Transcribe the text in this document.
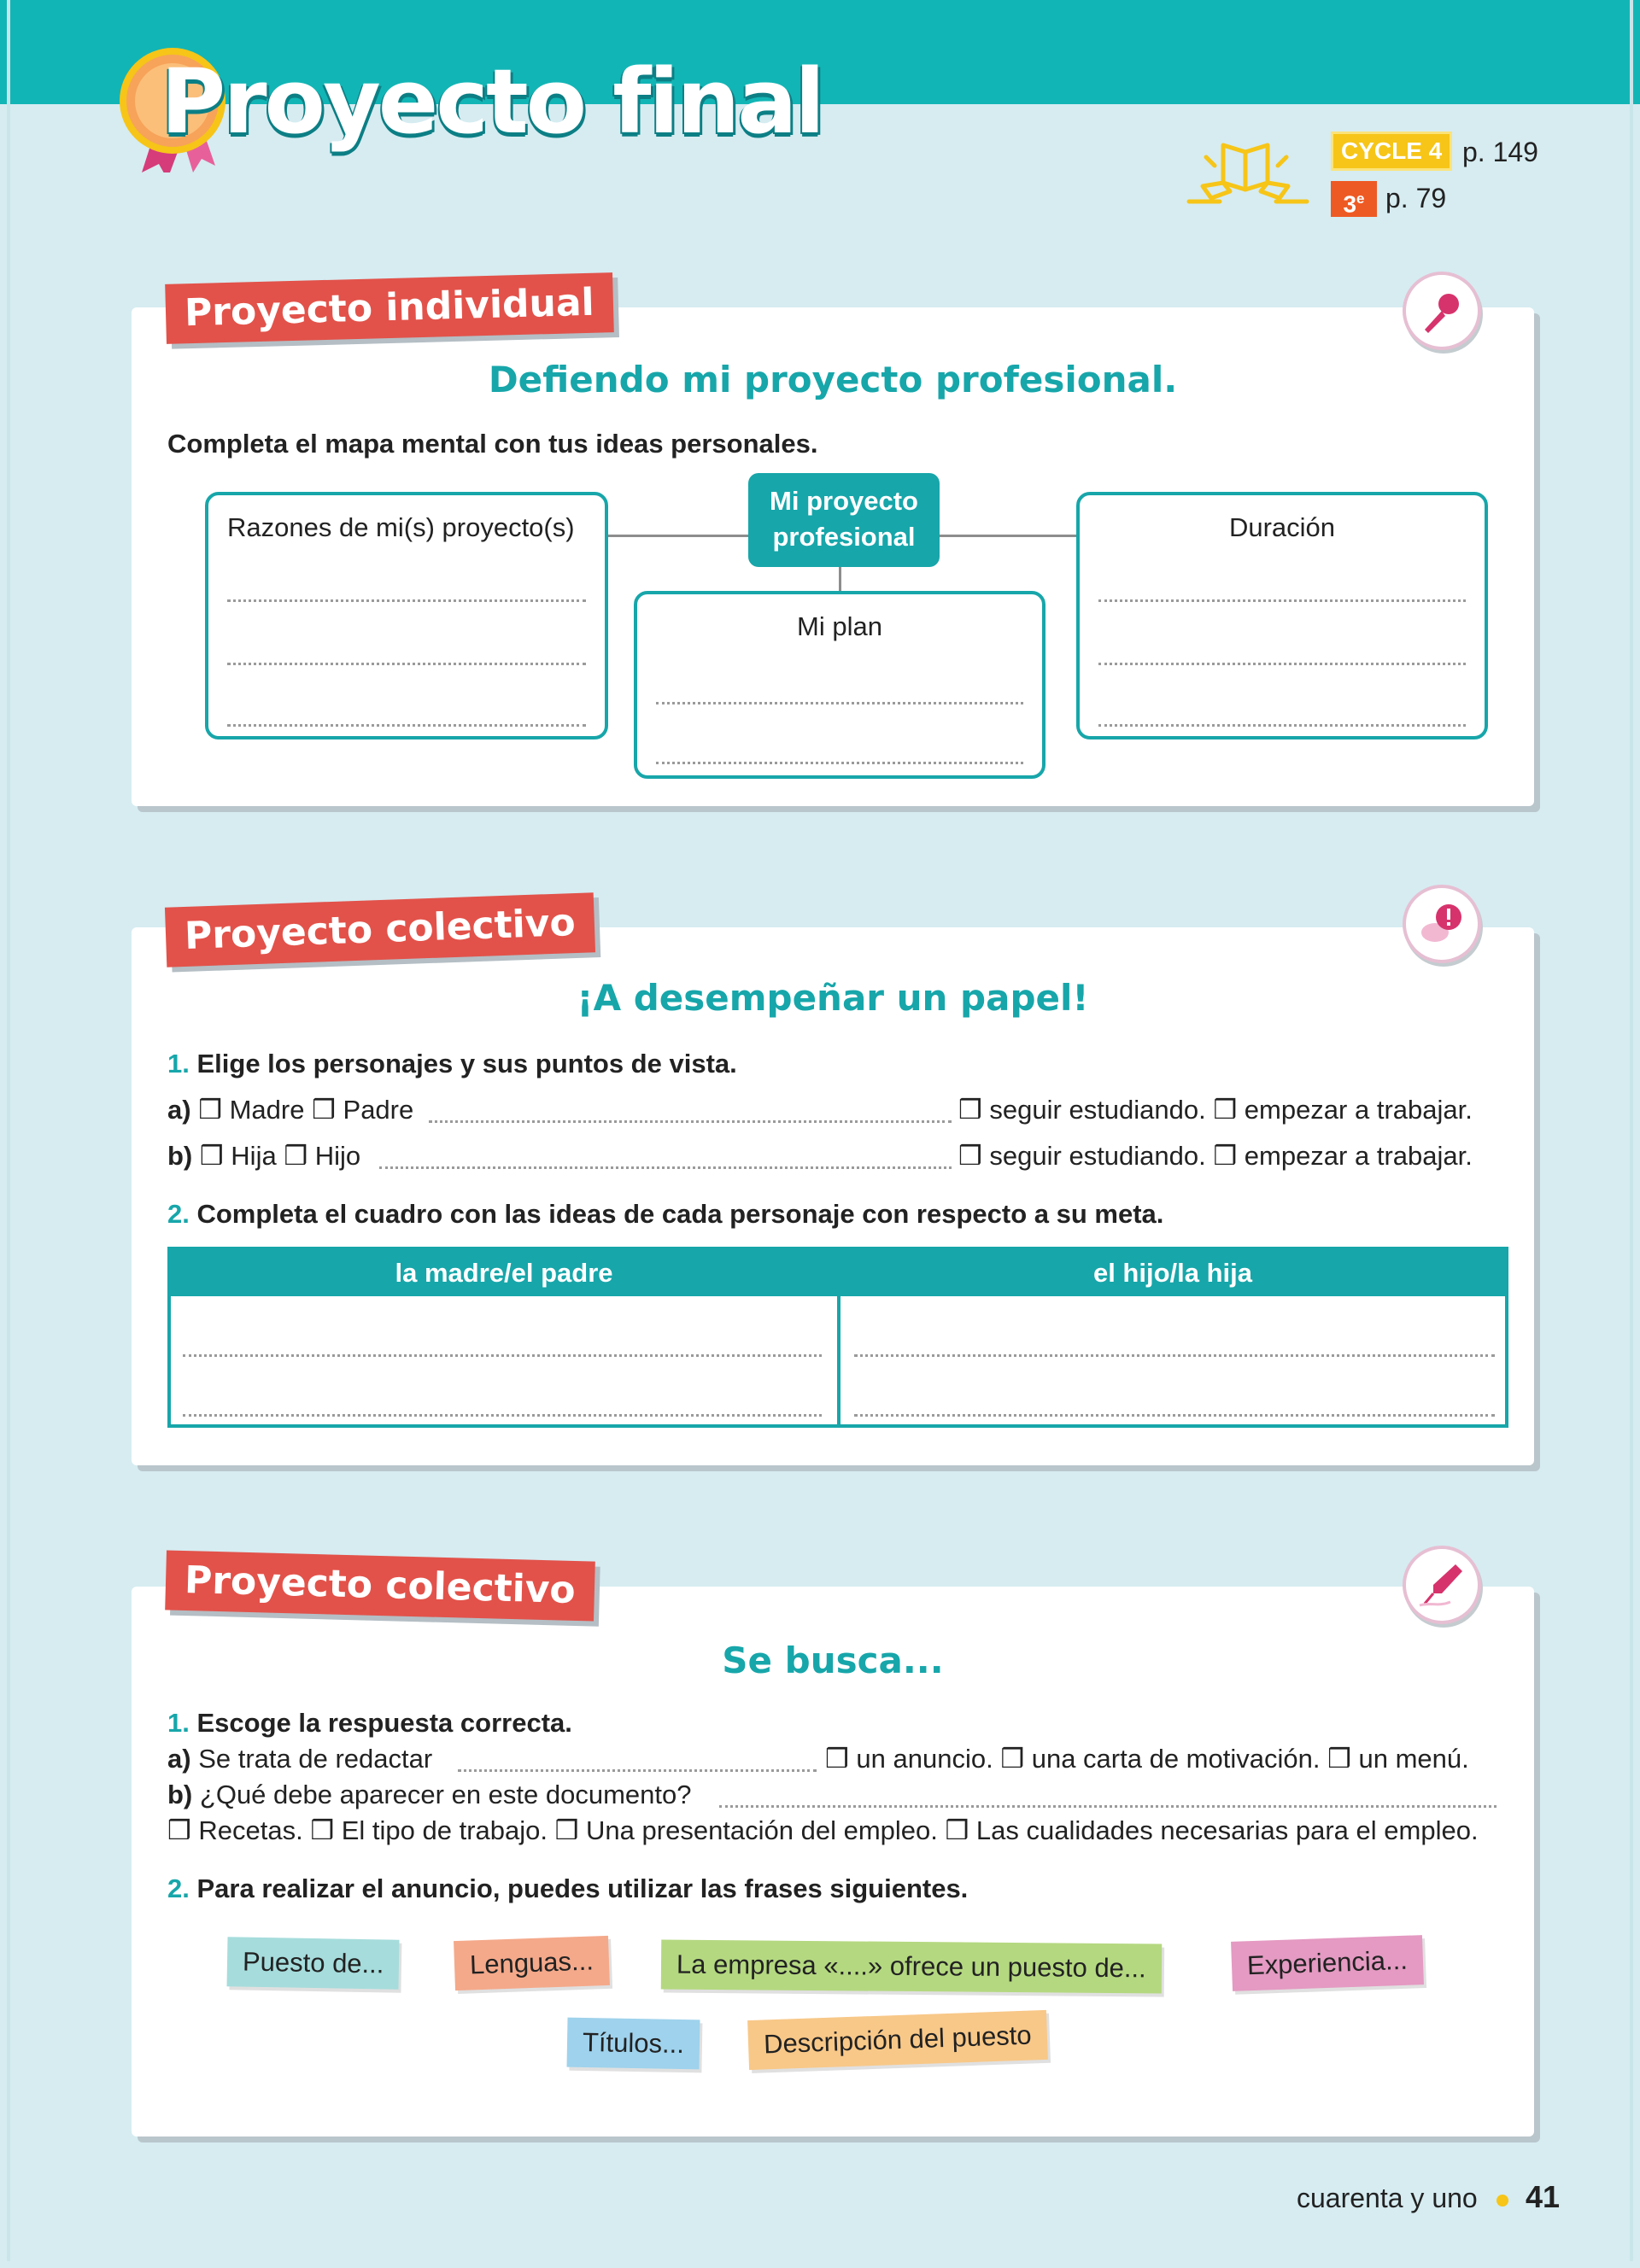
Proyecto final	CYCLE 4 p. 149
3e p. 79
Defiendo mi proyecto profesional.
Completa el mapa mental con tus ideas personales.
Proyecto individual
Mi proyecto
profesional
Razones de mi(s) proyecto(s)
Mi plan
Duración
¡A desempeñar un papel!
1. Elige los personajes y sus puntos de vista.
a) ❒ Madre ❒ Padre	❒ seguir estudiando. ❒ empezar a trabajar.
b) ❒ Hija ❒ Hijo	❒ seguir estudiando. ❒ empezar a trabajar.
2. Completa el cuadro con las ideas de cada personaje con respecto a su meta.
Proyecto colectivo
la madre/el padre	el hijo/la hija
Se busca...
1. Escoge la respuesta correcta.
a) Se trata de redactar	❒ un anuncio. ❒ una carta de motivación. ❒ un menú.
b) ¿Qué debe aparecer en este documento?
❒ Recetas. ❒ El tipo de trabajo. ❒ Una presentación del empleo. ❒ Las cualidades necesarias para el empleo.
2. Para realizar el anuncio, puedes utilizar las frases siguientes.
Proyecto colectivo
Puesto de...	Lenguas...	La empresa «....» ofrece un puesto de...	Experiencia...
Títulos...	Descripción del puesto
cuarenta y uno 41
